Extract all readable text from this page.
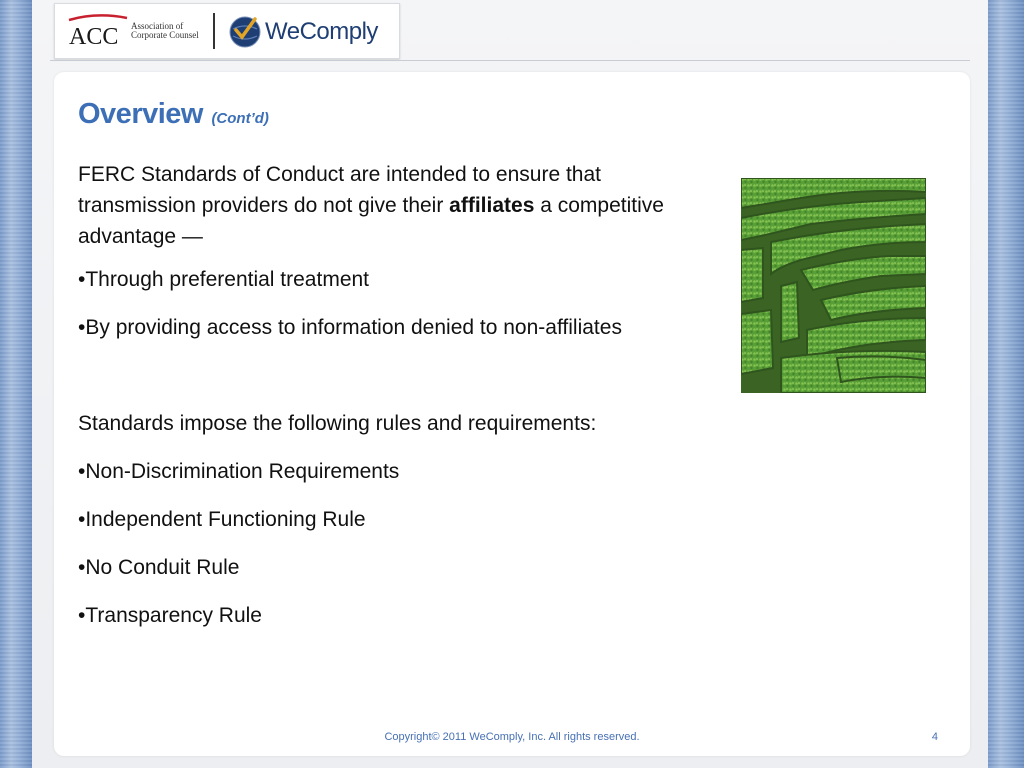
ACC Association of
Corporate Counsel	WeComply
Overview (Cont’d)
FERC Standards of Conduct are intended to ensure that transmission providers do not give their affiliates a competitive advantage —
•Through preferential treatment
•By providing access to information denied to non-affiliates
Standards impose the following rules and requirements:
•Non-Discrimination Requirements
•Independent Functioning Rule
•No Conduit Rule
•Transparency Rule
Copyright© 2011 WeComply, Inc. All rights reserved.	4
